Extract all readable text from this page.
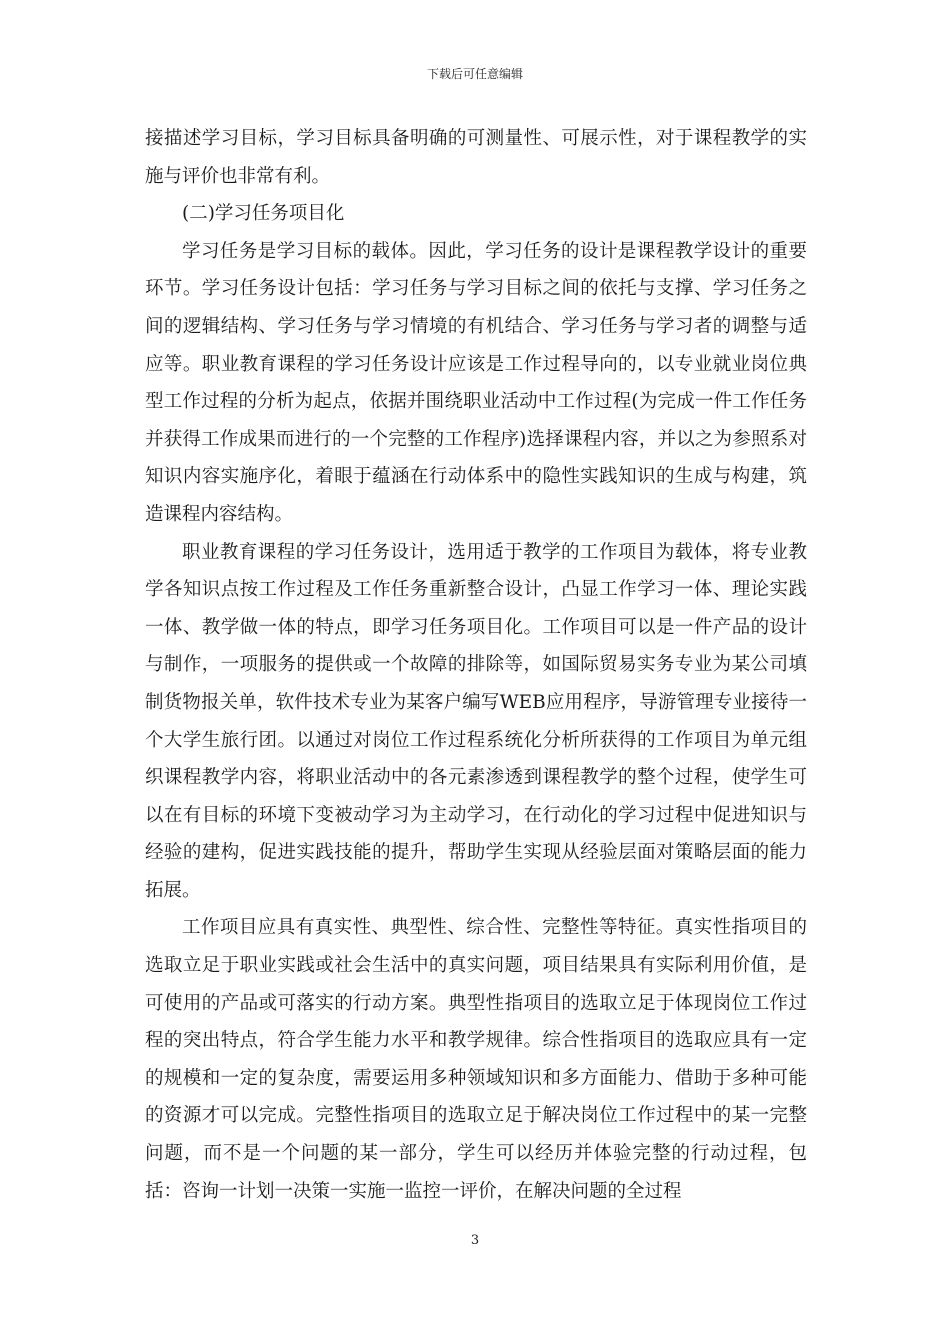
下载后可任意编辑

接描述学习目标，学习目标具备明确的可测量性、可展示性，对于课程教学的实施与评价也非常有利。

(二)学习任务项目化

学习任务是学习目标的载体。因此，学习任务的设计是课程教学设计的重要环节。学习任务设计包括：学习任务与学习目标之间的依托与支撑、学习任务之间的逻辑结构、学习任务与学习情境的有机结合、学习任务与学习者的调整与适应等。职业教育课程的学习任务设计应该是工作过程导向的，以专业就业岗位典型工作过程的分析为起点，依据并围绕职业活动中工作过程(为完成一件工作任务并获得工作成果而进行的一个完整的工作程序)选择课程内容，并以之为参照系对知识内容实施序化，着眼于蕴涵在行动体系中的隐性实践知识的生成与构建，筑造课程内容结构。

职业教育课程的学习任务设计，选用适于教学的工作项目为载体，将专业教学各知识点按工作过程及工作任务重新整合设计，凸显工作学习一体、理论实践一体、教学做一体的特点，即学习任务项目化。工作项目可以是一件产品的设计与制作，一项服务的提供或一个故障的排除等，如国际贸易实务专业为某公司填制货物报关单，软件技术专业为某客户编写WEB应用程序，导游管理专业接待一个大学生旅行团。以通过对岗位工作过程系统化分析所获得的工作项目为单元组织课程教学内容，将职业活动中的各元素渗透到课程教学的整个过程，使学生可以在有目标的环境下变被动学习为主动学习，在行动化的学习过程中促进知识与经验的建构，促进实践技能的提升，帮助学生实现从经验层面对策略层面的能力拓展。

工作项目应具有真实性、典型性、综合性、完整性等特征。真实性指项目的选取立足于职业实践或社会生活中的真实问题，项目结果具有实际利用价值，是可使用的产品或可落实的行动方案。典型性指项目的选取立足于体现岗位工作过程的突出特点，符合学生能力水平和教学规律。综合性指项目的选取应具有一定的规模和一定的复杂度，需要运用多种领域知识和多方面能力、借助于多种可能的资源才可以完成。完整性指项目的选取立足于解决岗位工作过程中的某一完整问题，而不是一个问题的某一部分，学生可以经历并体验完整的行动过程，包括：咨询一计划一决策一实施一监控一评价，在解决问题的全过程

3
